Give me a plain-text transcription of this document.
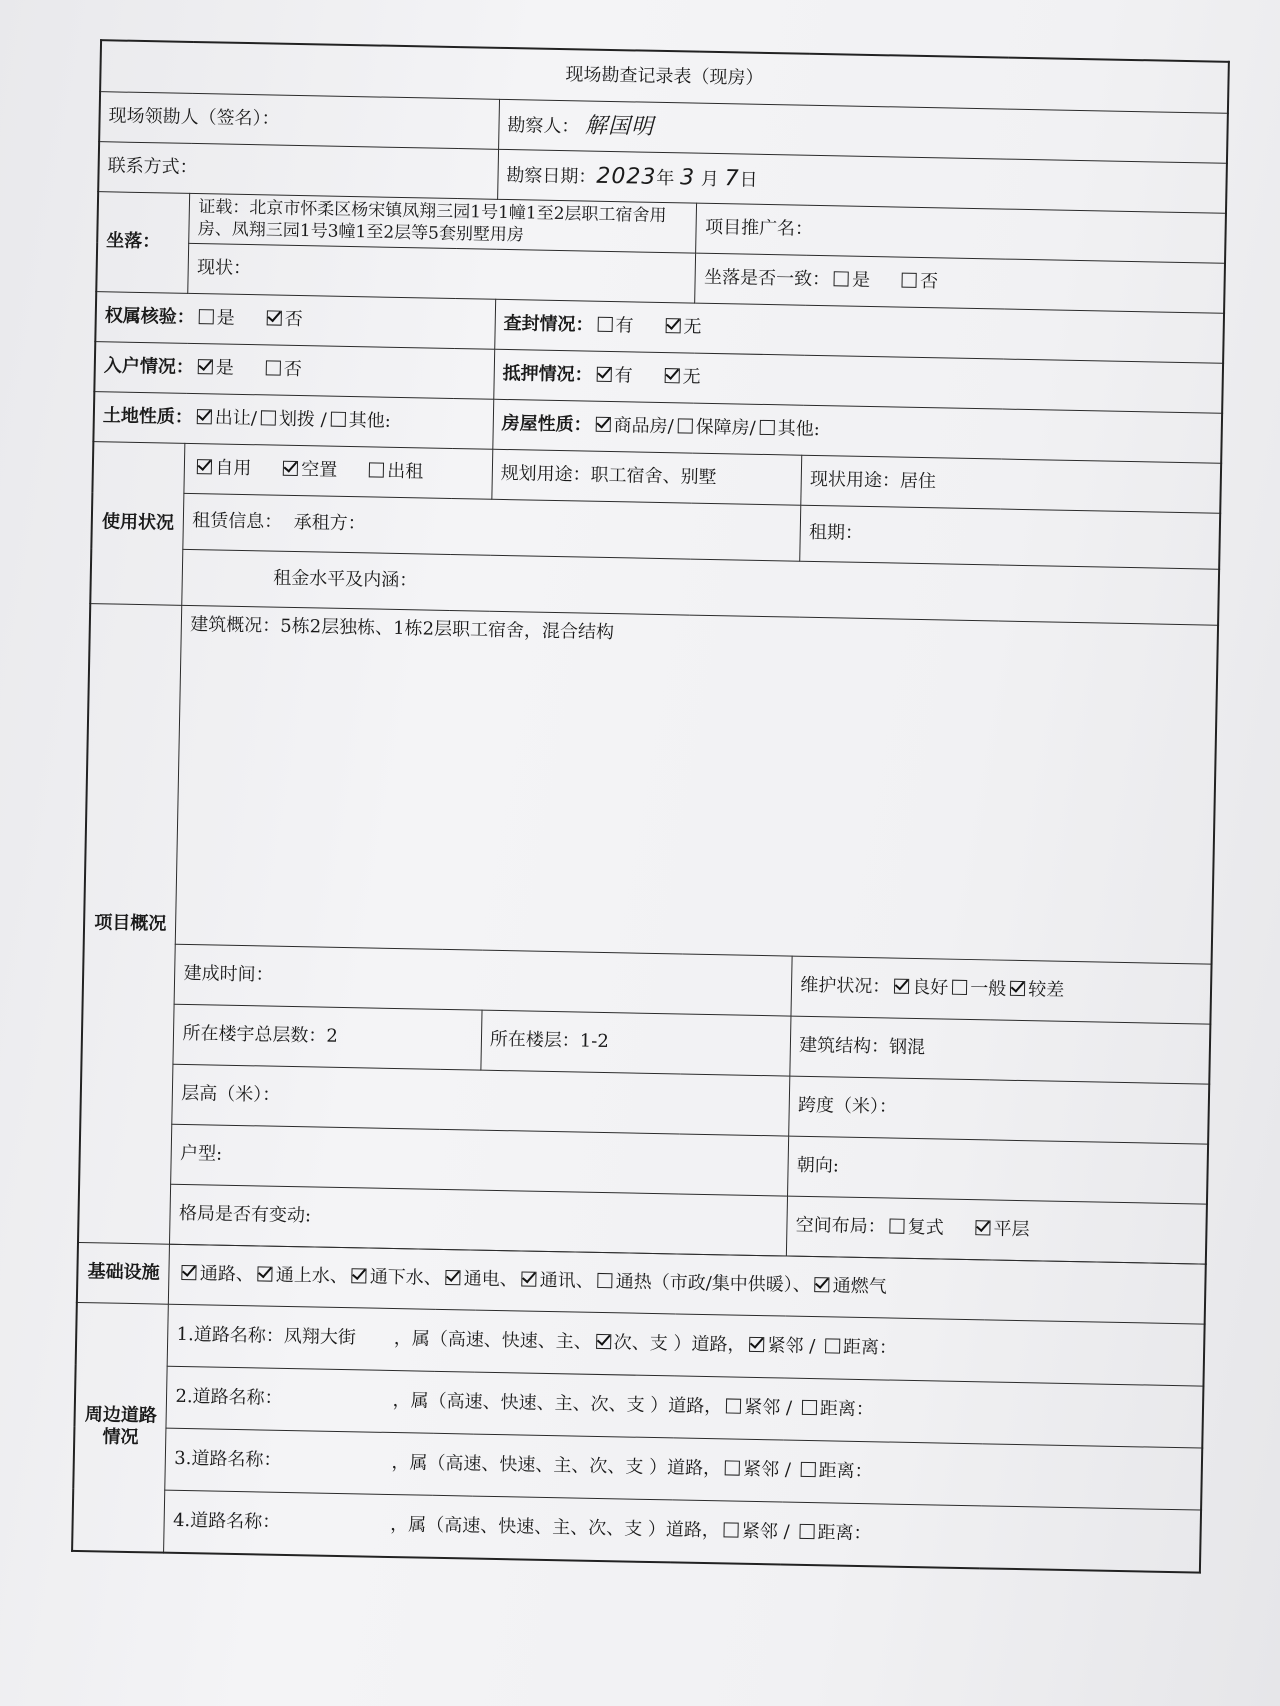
现场勘查记录表（现房）				
现场领勘人（签名）：		勘察人： 解国明		
联系方式：		勘察日期：2023年 3 月 7日		
坐落：	证载：北京市怀柔区杨宋镇凤翔三园1号1幢1至2层职工宿舍用房、凤翔三园1号3幢1至2层等5套别墅用房		项目推广名：	
	现状：		坐落是否一致： 是 否	
权属核验： 是 否		查封情况： 有 无		
入户情况： 是 否		抵押情况： 有 无		
土地性质： 出让/ 划拨 / 其他:		房屋性质： 商品房/ 保障房/ 其他:		
使用状况	自用 空置 出租	规划用途：职工宿舍、别墅		现状用途：居住
	租赁信息： 承租方：			租期：
	租金水平及内涵：			
项目概况	建筑概况：5栋2层独栋、1栋2层职工宿舍，混合结构			
	建成时间：			维护状况： 良好 一般 较差
	所在楼宇总层数：2	所在楼层：1-2		建筑结构：钢混
	层高（米）：			跨度（米）：
	户型:			朝向:
	格局是否有变动:			空间布局： 复式 平层

基础设施	通路、 通上水、 通下水、 通电、 通讯、 通热（市政/集中供暖）、 通燃气			
周边道路
情况	1.道路名称：凤翔大街 ，属（高速、快速、主、 次、支 ）道路， 紧邻 / 距离：			
	2.道路名称： ，属（高速、快速、主、次、支 ）道路， 紧邻 / 距离：			
	3.道路名称： ，属（高速、快速、主、次、支 ）道路， 紧邻 / 距离：			
	4.道路名称： ，属（高速、快速、主、次、支 ）道路， 紧邻 / 距离：			
